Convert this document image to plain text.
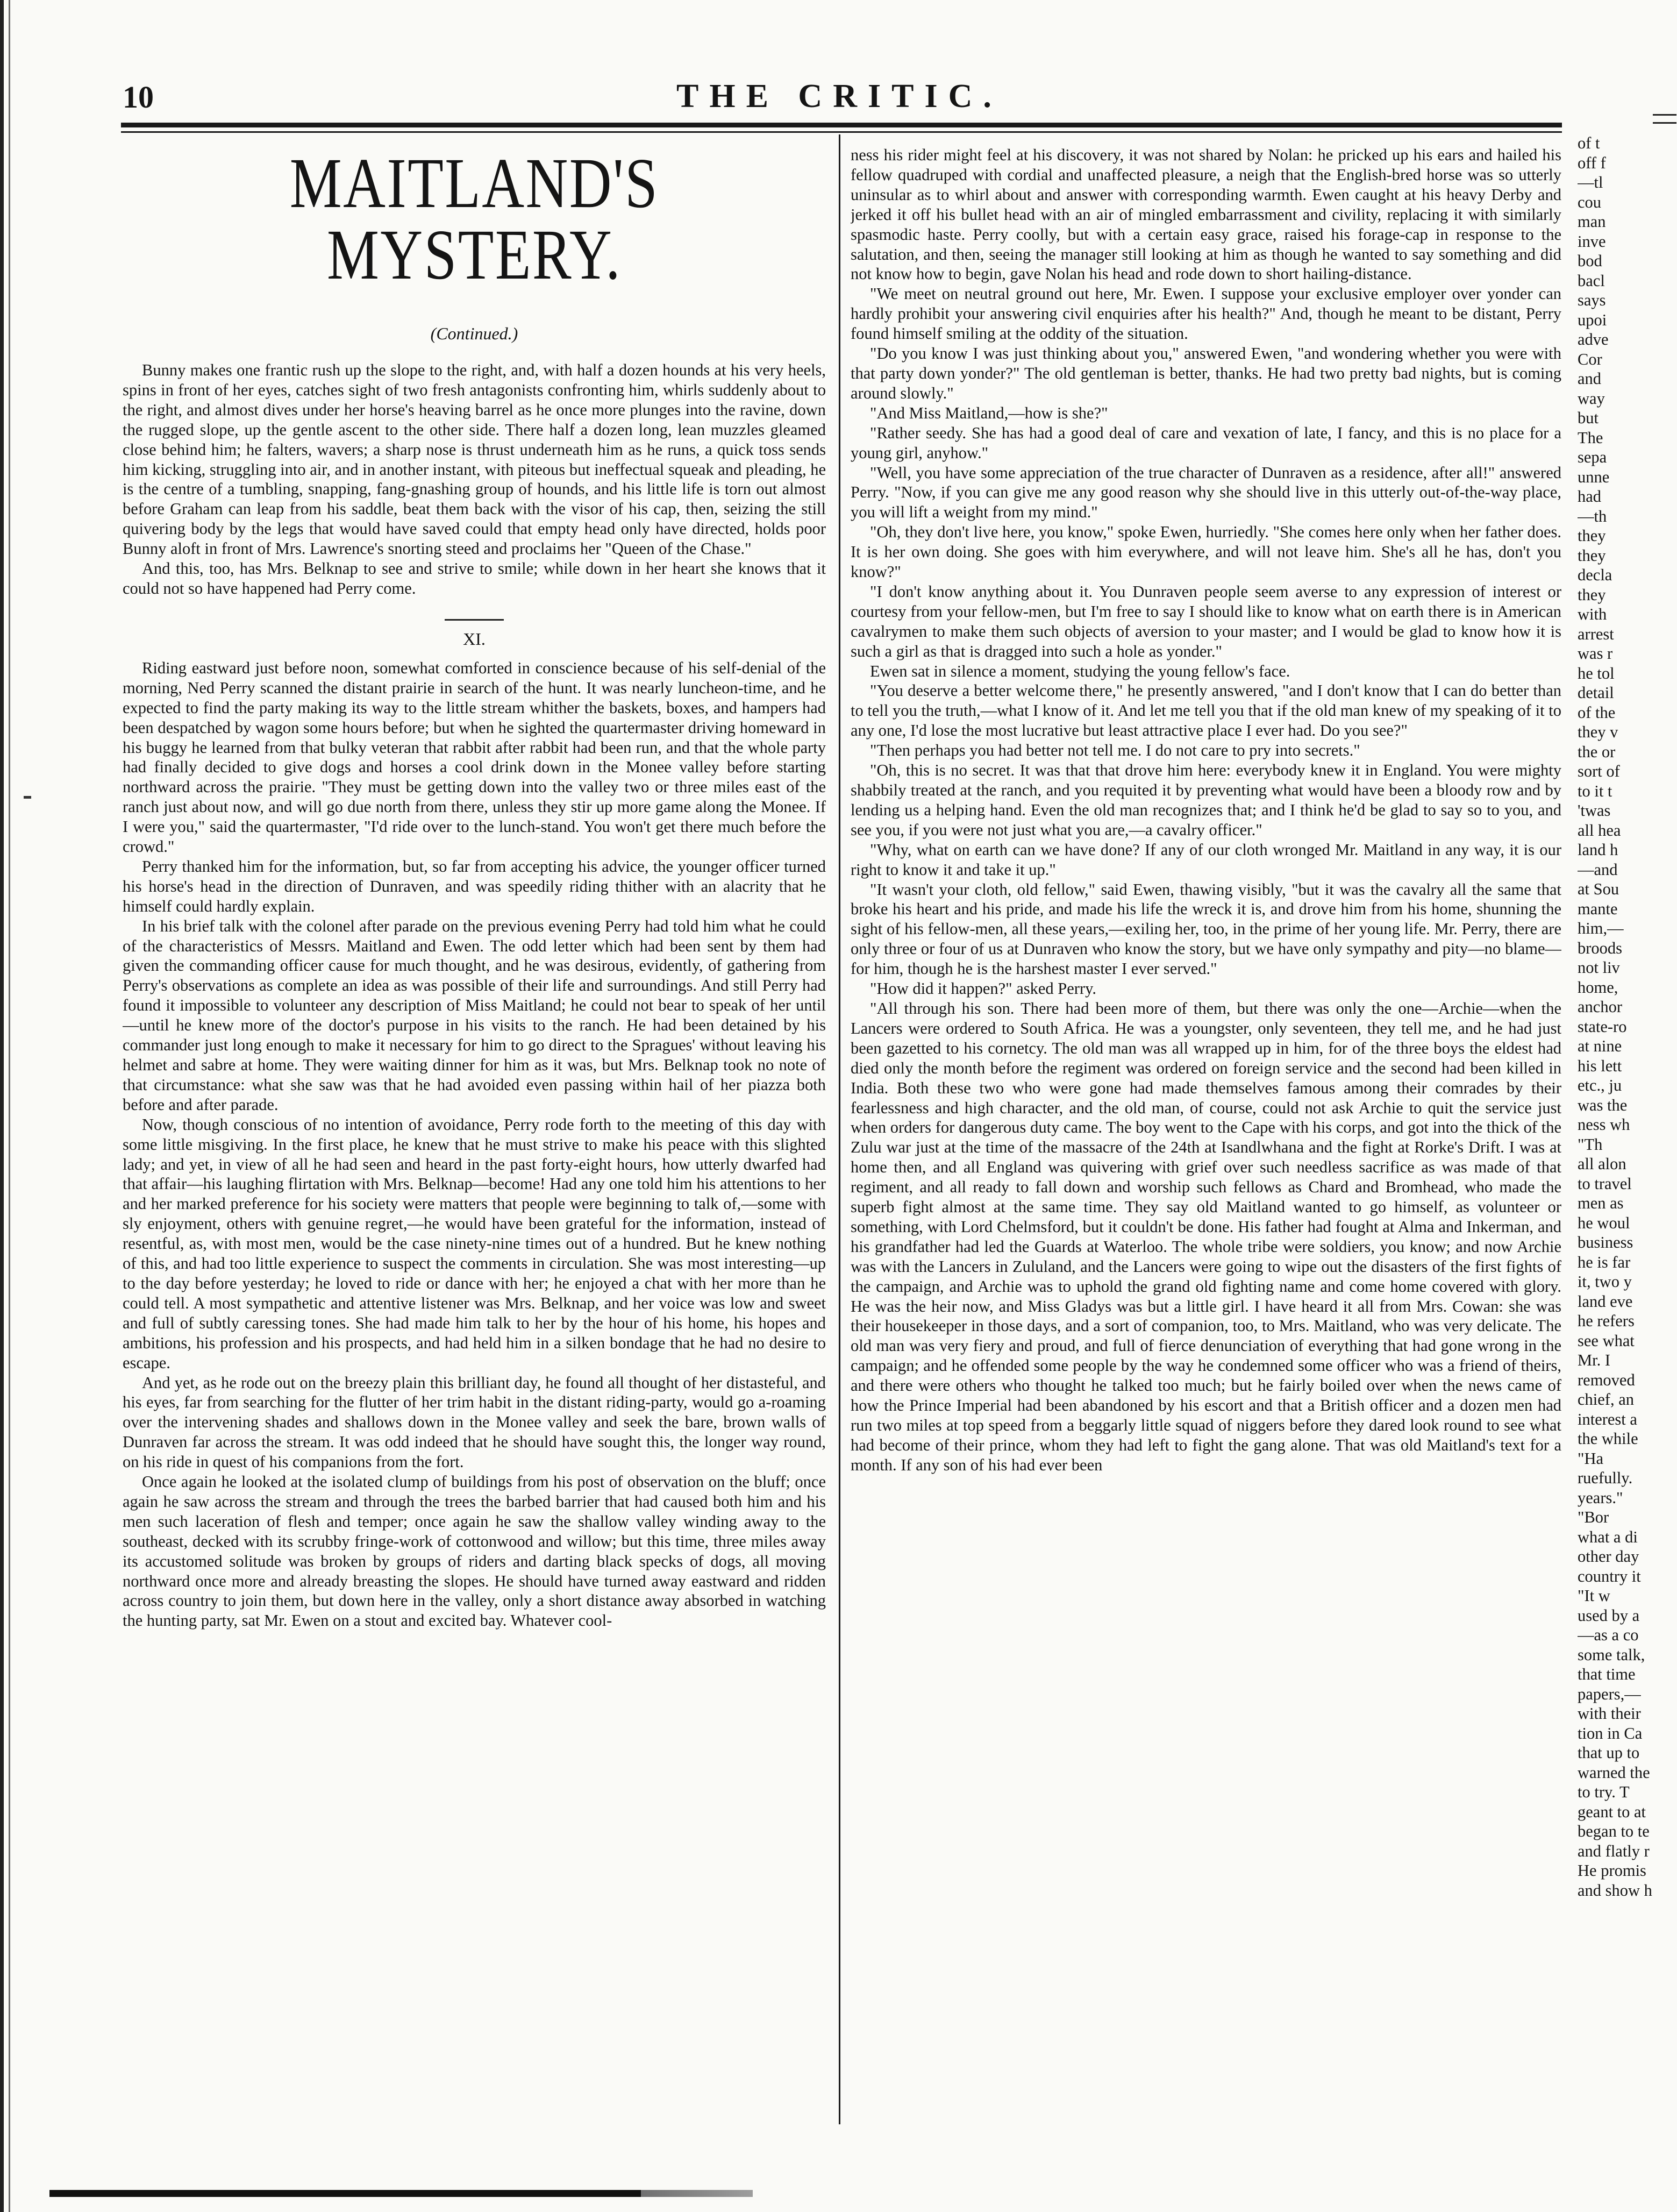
10	THE CRITIC.
MAITLAND'S MYSTERY.
(Continued.)

Bunny makes one frantic rush up the slope to the right, and, with half a dozen hounds at his very heels, spins in front of her eyes, catches sight of two fresh antagonists confronting him, whirls suddenly about to the right, and almost dives under her horse's heaving barrel as he once more plunges into the ravine, down the rugged slope, up the gentle ascent to the other side. There half a dozen long, lean muzzles gleamed close behind him; he falters, wavers; a sharp nose is thrust underneath him as he runs, a quick toss sends him kicking, struggling into air, and in another instant, with piteous but ineffectual squeak and pleading, he is the centre of a tumbling, snapping, fang-gnashing group of hounds, and his little life is torn out almost before Graham can leap from his saddle, beat them back with the visor of his cap, then, seizing the still quivering body by the legs that would have saved could that empty head only have directed, holds poor Bunny aloft in front of Mrs. Lawrence's snorting steed and proclaims her "Queen of the Chase."

And this, too, has Mrs. Belknap to see and strive to smile; while down in her heart she knows that it could not so have happened had Perry come.

XI.

Riding eastward just before noon, somewhat comforted in conscience because of his self-denial of the morning, Ned Perry scanned the distant prairie in search of the hunt. It was nearly luncheon-time, and he expected to find the party making its way to the little stream whither the baskets, boxes, and hampers had been despatched by wagon some hours before; but when he sighted the quartermaster driving homeward in his buggy he learned from that bulky veteran that rabbit after rabbit had been run, and that the whole party had finally decided to give dogs and horses a cool drink down in the Monee valley before starting northward across the prairie. "They must be getting down into the valley two or three miles east of the ranch just about now, and will go due north from there, unless they stir up more game along the Monee. If I were you," said the quartermaster, "I'd ride over to the lunch-stand. You won't get there much before the crowd."

Perry thanked him for the information, but, so far from accepting his advice, the younger officer turned his horse's head in the direction of Dunraven, and was speedily riding thither with an alacrity that he himself could hardly explain.

In his brief talk with the colonel after parade on the previous evening Perry had told him what he could of the characteristics of Messrs. Maitland and Ewen. The odd letter which had been sent by them had given the commanding officer cause for much thought, and he was desirous, evidently, of gathering from Perry's observations as complete an idea as was possible of their life and surroundings. And still Perry had found it impossible to volunteer any description of Miss Maitland; he could not bear to speak of her until—until he knew more of the doctor's purpose in his visits to the ranch. He had been detained by his commander just long enough to make it necessary for him to go direct to the Spragues' without leaving his helmet and sabre at home. They were waiting dinner for him as it was, but Mrs. Belknap took no note of that circumstance: what she saw was that he had avoided even passing within hail of her piazza both before and after parade.

Now, though conscious of no intention of avoidance, Perry rode forth to the meeting of this day with some little misgiving. In the first place, he knew that he must strive to make his peace with this slighted lady; and yet, in view of all he had seen and heard in the past forty-eight hours, how utterly dwarfed had that affair—his laughing flirtation with Mrs. Belknap—become! Had any one told him his attentions to her and her marked preference for his society were matters that people were beginning to talk of,—some with sly enjoyment, others with genuine regret,—he would have been grateful for the information, instead of resentful, as, with most men, would be the case ninety-nine times out of a hundred. But he knew nothing of this, and had too little experience to suspect the comments in circulation. She was most interesting—up to the day before yesterday; he loved to ride or dance with her; he enjoyed a chat with her more than he could tell. A most sympathetic and attentive listener was Mrs. Belknap, and her voice was low and sweet and full of subtly caressing tones. She had made him talk to her by the hour of his home, his hopes and ambitions, his profession and his prospects, and had held him in a silken bondage that he had no desire to escape.

And yet, as he rode out on the breezy plain this brilliant day, he found all thought of her distasteful, and his eyes, far from searching for the flutter of her trim habit in the distant riding-party, would go a-roaming over the intervening shades and shallows down in the Monee valley and seek the bare, brown walls of Dunraven far across the stream. It was odd indeed that he should have sought this, the longer way round, on his ride in quest of his companions from the fort.

Once again he looked at the isolated clump of buildings from his post of observation on the bluff; once again he saw across the stream and through the trees the barbed barrier that had caused both him and his men such laceration of flesh and temper; once again he saw the shallow valley winding away to the southeast, decked with its scrubby fringe-work of cottonwood and willow; but this time, three miles away its accustomed solitude was broken by groups of riders and darting black specks of dogs, all moving northward once more and already breasting the slopes. He should have turned away eastward and ridden across country to join them, but down here in the valley, only a short distance away absorbed in watching the hunting party, sat Mr. Ewen on a stout and excited bay. Whatever cool-

ness his rider might feel at his discovery, it was not shared by Nolan: he pricked up his ears and hailed his fellow quadruped with cordial and unaffected pleasure, a neigh that the English-bred horse was so utterly uninsular as to whirl about and answer with corresponding warmth. Ewen caught at his heavy Derby and jerked it off his bullet head with an air of mingled embarrassment and civility, replacing it with similarly spasmodic haste. Perry coolly, but with a certain easy grace, raised his forage-cap in response to the salutation, and then, seeing the manager still looking at him as though he wanted to say something and did not know how to begin, gave Nolan his head and rode down to short hailing-distance.

"We meet on neutral ground out here, Mr. Ewen. I suppose your exclusive employer over yonder can hardly prohibit your answering civil enquiries after his health?" And, though he meant to be distant, Perry found himself smiling at the oddity of the situation.

"Do you know I was just thinking about you," answered Ewen, "and wondering whether you were with that party down yonder?" The old gentleman is better, thanks. He had two pretty bad nights, but is coming around slowly."

"And Miss Maitland,—how is she?"

"Rather seedy. She has had a good deal of care and vexation of late, I fancy, and this is no place for a young girl, anyhow."

"Well, you have some appreciation of the true character of Dunraven as a residence, after all!" answered Perry. "Now, if you can give me any good reason why she should live in this utterly out-of-the-way place, you will lift a weight from my mind."

"Oh, they don't live here, you know," spoke Ewen, hurriedly. "She comes here only when her father does. It is her own doing. She goes with him everywhere, and will not leave him. She's all he has, don't you know?"

"I don't know anything about it. You Dunraven people seem averse to any expression of interest or courtesy from your fellow-men, but I'm free to say I should like to know what on earth there is in American cavalrymen to make them such objects of aversion to your master; and I would be glad to know how it is such a girl as that is dragged into such a hole as yonder."

Ewen sat in silence a moment, studying the young fellow's face.

"You deserve a better welcome there," he presently answered, "and I don't know that I can do better than to tell you the truth,—what I know of it. And let me tell you that if the old man knew of my speaking of it to any one, I'd lose the most lucrative but least attractive place I ever had. Do you see?"

"Then perhaps you had better not tell me. I do not care to pry into secrets."

"Oh, this is no secret. It was that that drove him here: everybody knew it in England. You were mighty shabbily treated at the ranch, and you requited it by preventing what would have been a bloody row and by lending us a helping hand. Even the old man recognizes that; and I think he'd be glad to say so to you, and see you, if you were not just what you are,—a cavalry officer."

"Why, what on earth can we have done? If any of our cloth wronged Mr. Maitland in any way, it is our right to know it and take it up."

"It wasn't your cloth, old fellow," said Ewen, thawing visibly, "but it was the cavalry all the same that broke his heart and his pride, and made his life the wreck it is, and drove him from his home, shunning the sight of his fellow-men, all these years,—exiling her, too, in the prime of her young life. Mr. Perry, there are only three or four of us at Dunraven who know the story, but we have only sympathy and pity—no blame—for him, though he is the harshest master I ever served."

"How did it happen?" asked Perry.

"All through his son. There had been more of them, but there was only the one—Archie—when the Lancers were ordered to South Africa. He was a youngster, only seventeen, they tell me, and he had just been gazetted to his cornetcy. The old man was all wrapped up in him, for of the three boys the eldest had died only the month before the regiment was ordered on foreign service and the second had been killed in India. Both these two who were gone had made themselves famous among their comrades by their fearlessness and high character, and the old man, of course, could not ask Archie to quit the service just when orders for dangerous duty came. The boy went to the Cape with his corps, and got into the thick of the Zulu war just at the time of the massacre of the 24th at Isandlwhana and the fight at Rorke's Drift. I was at home then, and all England was quivering with grief over such needless sacrifice as was made of that regiment, and all ready to fall down and worship such fellows as Chard and Bromhead, who made the superb fight almost at the same time. They say old Maitland wanted to go himself, as volunteer or something, with Lord Chelmsford, but it couldn't be done. His father had fought at Alma and Inkerman, and his grandfather had led the Guards at Waterloo. The whole tribe were soldiers, you know; and now Archie was with the Lancers in Zululand, and the Lancers were going to wipe out the disasters of the first fights of the campaign, and Archie was to uphold the grand old fighting name and come home covered with glory. He was the heir now, and Miss Gladys was but a little girl. I have heard it all from Mrs. Cowan: she was their housekeeper in those days, and a sort of companion, too, to Mrs. Maitland, who was very delicate. The old man was very fiery and proud, and full of fierce denunciation of everything that had gone wrong in the campaign; and he offended some people by the way he condemned some officer who was a friend of theirs, and there were others who thought he talked too much; but he fairly boiled over when the news came of how the Prince Imperial had been abandoned by his escort and that a British officer and a dozen men had run two miles at top speed from a beggarly little squad of niggers before they dared look round to see what had become of their prince, whom they had left to fight the gang alone. That was old Maitland's text for a month. If any son of his had ever been

of t
off f
—tl
cou
man
inve
bod
bacl
says
upoi
adve
Cor
and
way
but
The
sepa
unne
had
—th
they
they
decla
they
with
arrest
was r
he tol
detail
of the
they v
the or
sort of
to it t
'twas
all hea
land h
—and
at Sou
mante
him,—
broods
not liv
home,
anchor
state-ro
at nine
his lett
etc., ju
was the
ness wh
"Th
all alon
to travel
men as
he woul
business
he is far
it, two y
land eve
he refers
see what
Mr. I
removed
chief, an
interest a
the while
"Ha
ruefully.
years."
"Bor
what a di
other day
country it
"It w
used by a
—as a co
some talk,
that time
papers,—
with their
tion in Ca
that up to
warned the
to try. T
geant to at
began to te
and flatly r
He promis
and show h
